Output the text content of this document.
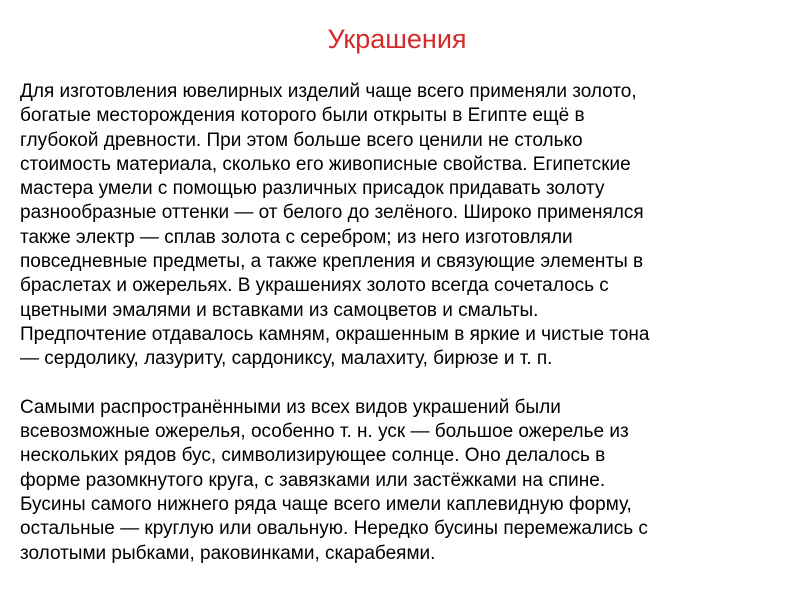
Украшения

Для изготовления ювелирных изделий чаще всего применяли золото,
богатые месторождения которого были открыты в Египте ещё в
глубокой древности. При этом больше всего ценили не столько
стоимость материала, сколько его живописные свойства. Египетские
мастера умели с помощью различных присадок придавать золоту
разнообразные оттенки — от белого до зелёного. Широко применялся
также электр — сплав золота с серебром; из него изготовляли
повседневные предметы, а также крепления и связующие элементы в
браслетах и ожерельях. В украшениях золото всегда сочеталось с
цветными эмалями и вставками из самоцветов и смальты.
Предпочтение отдавалось камням, окрашенным в яркие и чистые тона
— сердолику, лазуриту, сардониксу, малахиту, бирюзе и т. п.

Самыми распространёнными из всех видов украшений были
всевозможные ожерелья, особенно т. н. уск — большое ожерелье из
нескольких рядов бус, символизирующее солнце. Оно делалось в
форме разомкнутого круга, с завязками или застёжками на спине.
Бусины самого нижнего ряда чаще всего имели каплевидную форму,
остальные — круглую или овальную. Нередко бусины перемежались с
золотыми рыбками, раковинками, скарабеями.
